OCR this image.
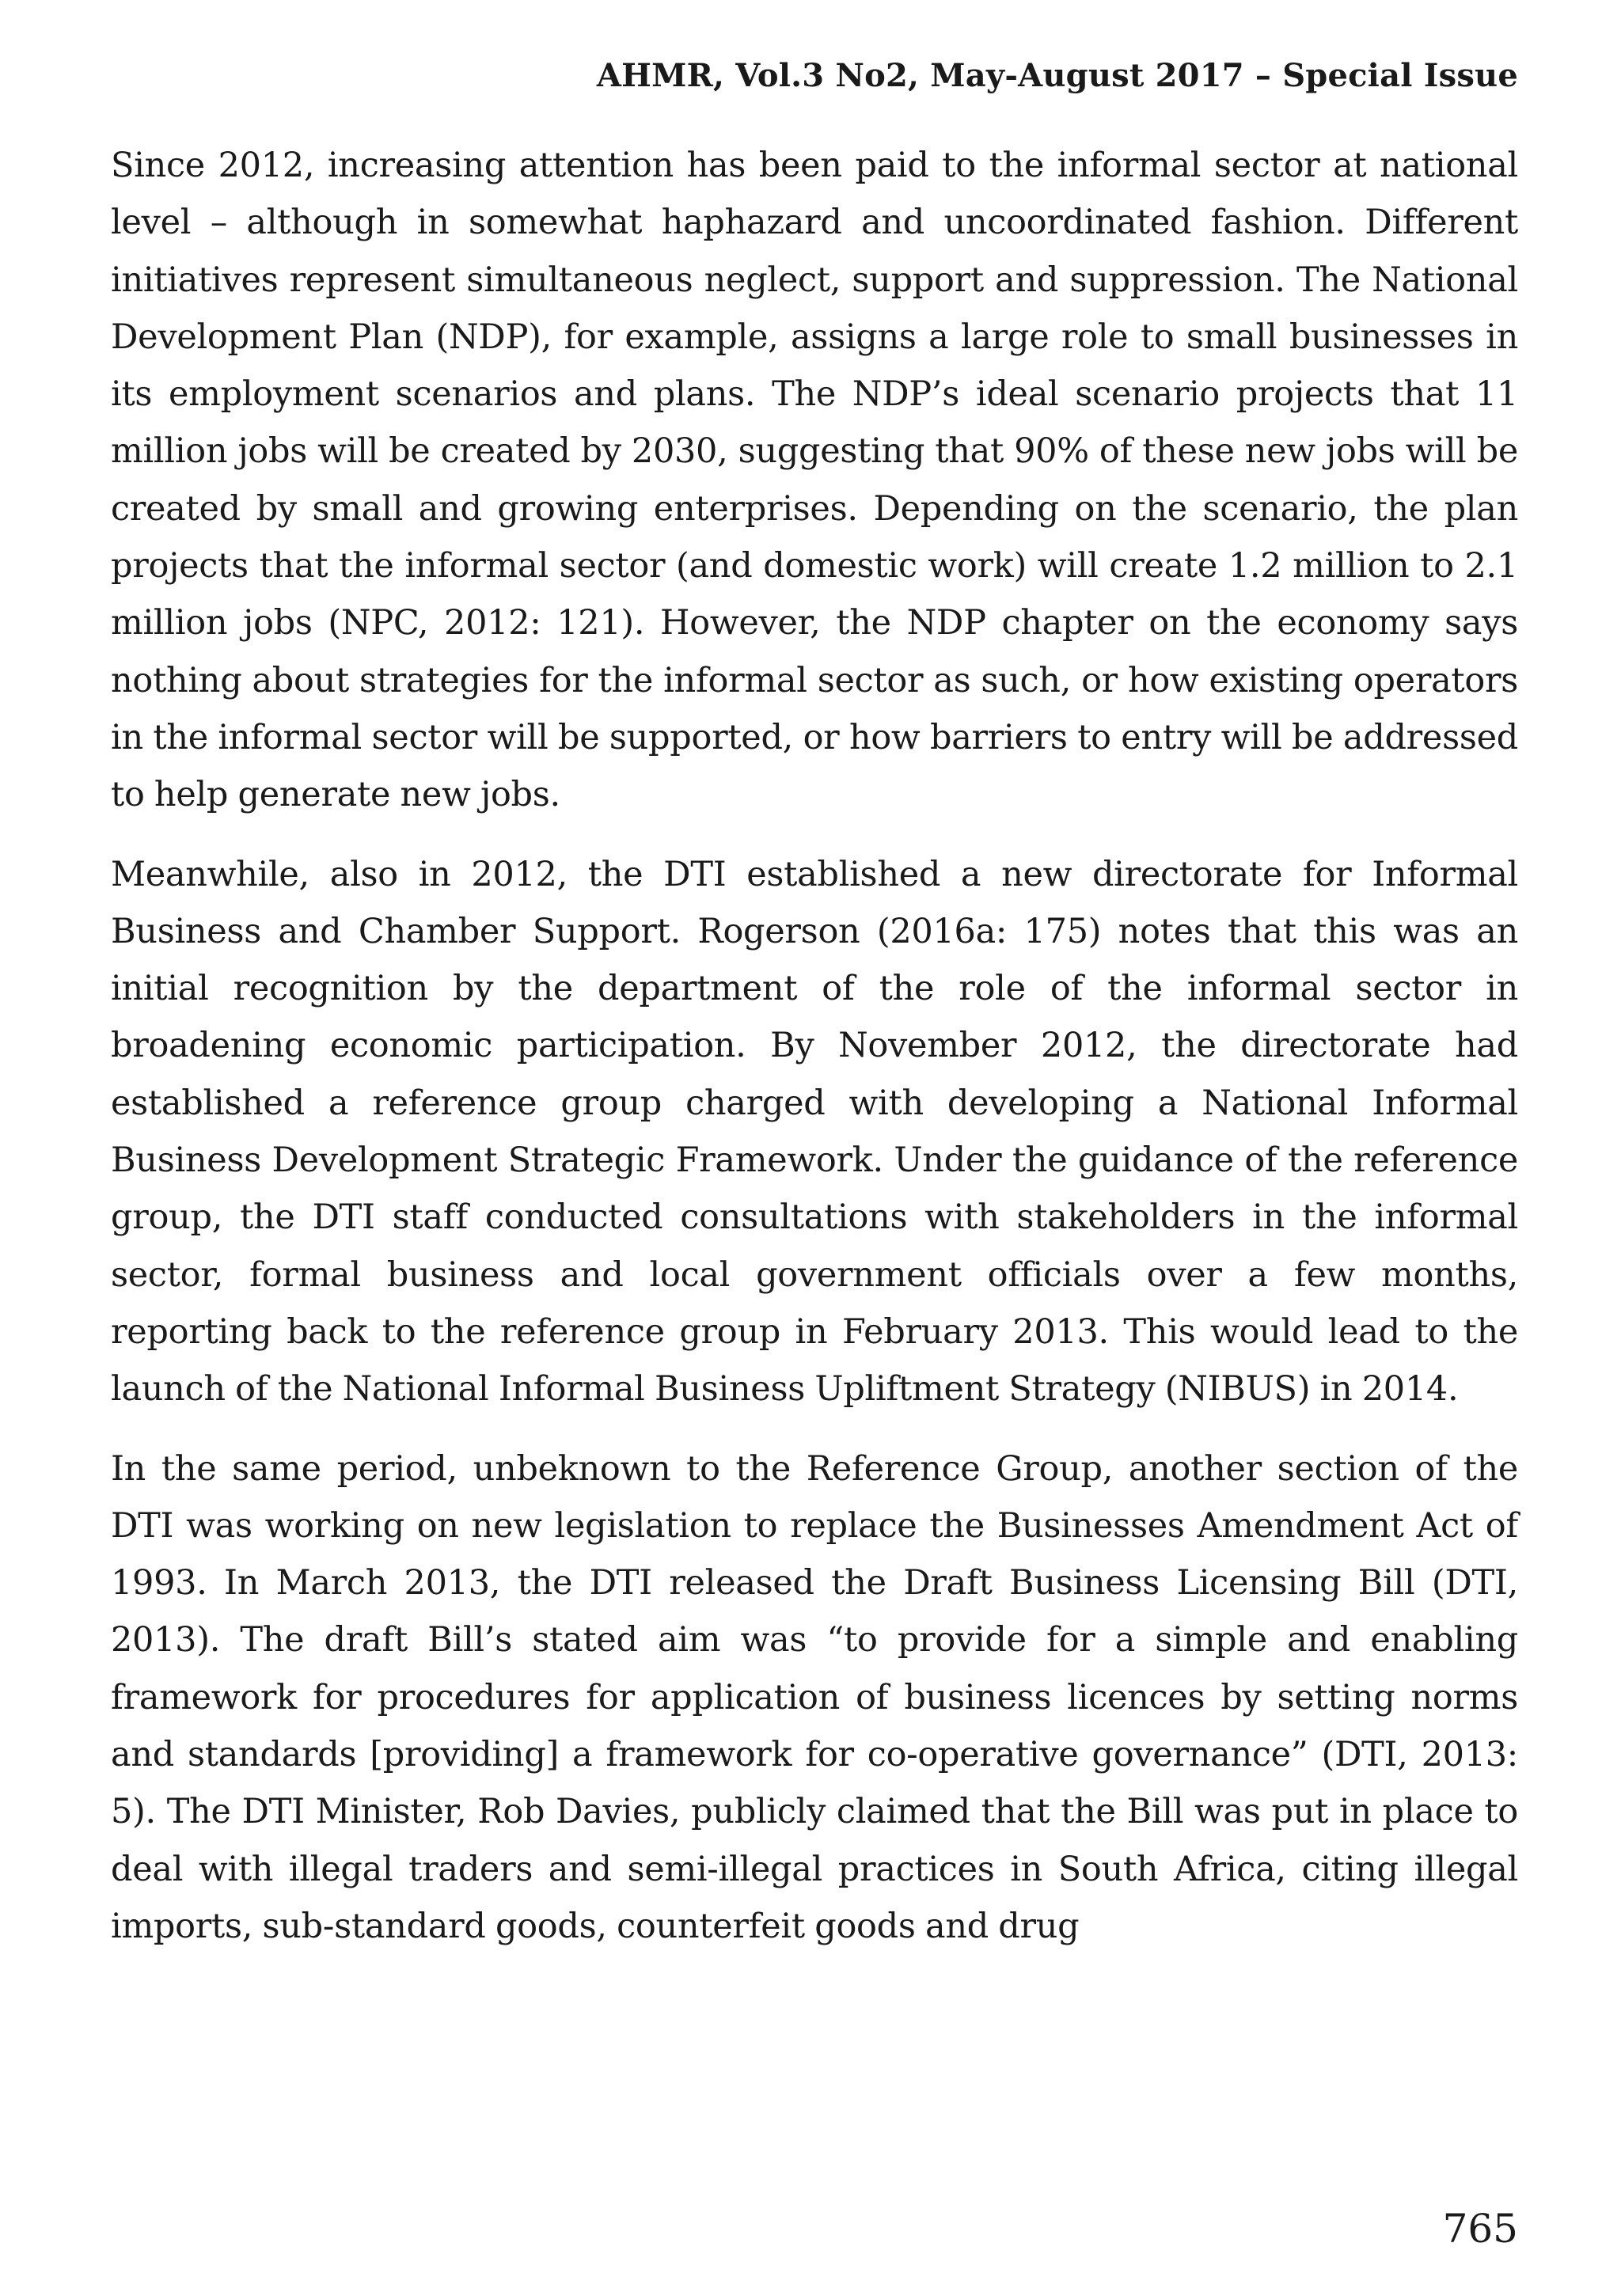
AHMR, Vol.3 No2, May-August 2017 – Special Issue

Since 2012, increasing attention has been paid to the informal sector at national level – although in somewhat haphazard and uncoordinated fashion. Different initiatives represent simultaneous neglect, support and suppression. The National Development Plan (NDP), for example, assigns a large role to small businesses in its employment scenarios and plans. The NDP’s ideal scenario projects that 11 million jobs will be created by 2030, suggesting that 90% of these new jobs will be created by small and growing enterprises. Depending on the scenario, the plan projects that the informal sector (and domestic work) will create 1.2 million to 2.1 million jobs (NPC, 2012: 121). However, the NDP chapter on the economy says nothing about strategies for the informal sector as such, or how existing operators in the informal sector will be supported, or how barriers to entry will be addressed to help generate new jobs.

Meanwhile, also in 2012, the DTI established a new directorate for Informal Business and Chamber Support. Rogerson (2016a: 175) notes that this was an initial recognition by the department of the role of the informal sector in broadening economic participation. By November 2012, the directorate had established a reference group charged with developing a National Informal Business Development Strategic Framework. Under the guidance of the reference group, the DTI staff conducted consultations with stakeholders in the informal sector, formal business and local government officials over a few months, reporting back to the reference group in February 2013. This would lead to the launch of the National Informal Business Upliftment Strategy (NIBUS) in 2014.

In the same period, unbeknown to the Reference Group, another section of the DTI was working on new legislation to replace the Businesses Amendment Act of 1993. In March 2013, the DTI released the Draft Business Licensing Bill (DTI, 2013). The draft Bill’s stated aim was “to provide for a simple and enabling framework for procedures for application of business licences by setting norms and standards [providing] a framework for co-operative governance” (DTI, 2013: 5). The DTI Minister, Rob Davies, publicly claimed that the Bill was put in place to deal with illegal traders and semi-illegal practices in South Africa, citing illegal imports, sub-standard goods, counterfeit goods and drug

765
